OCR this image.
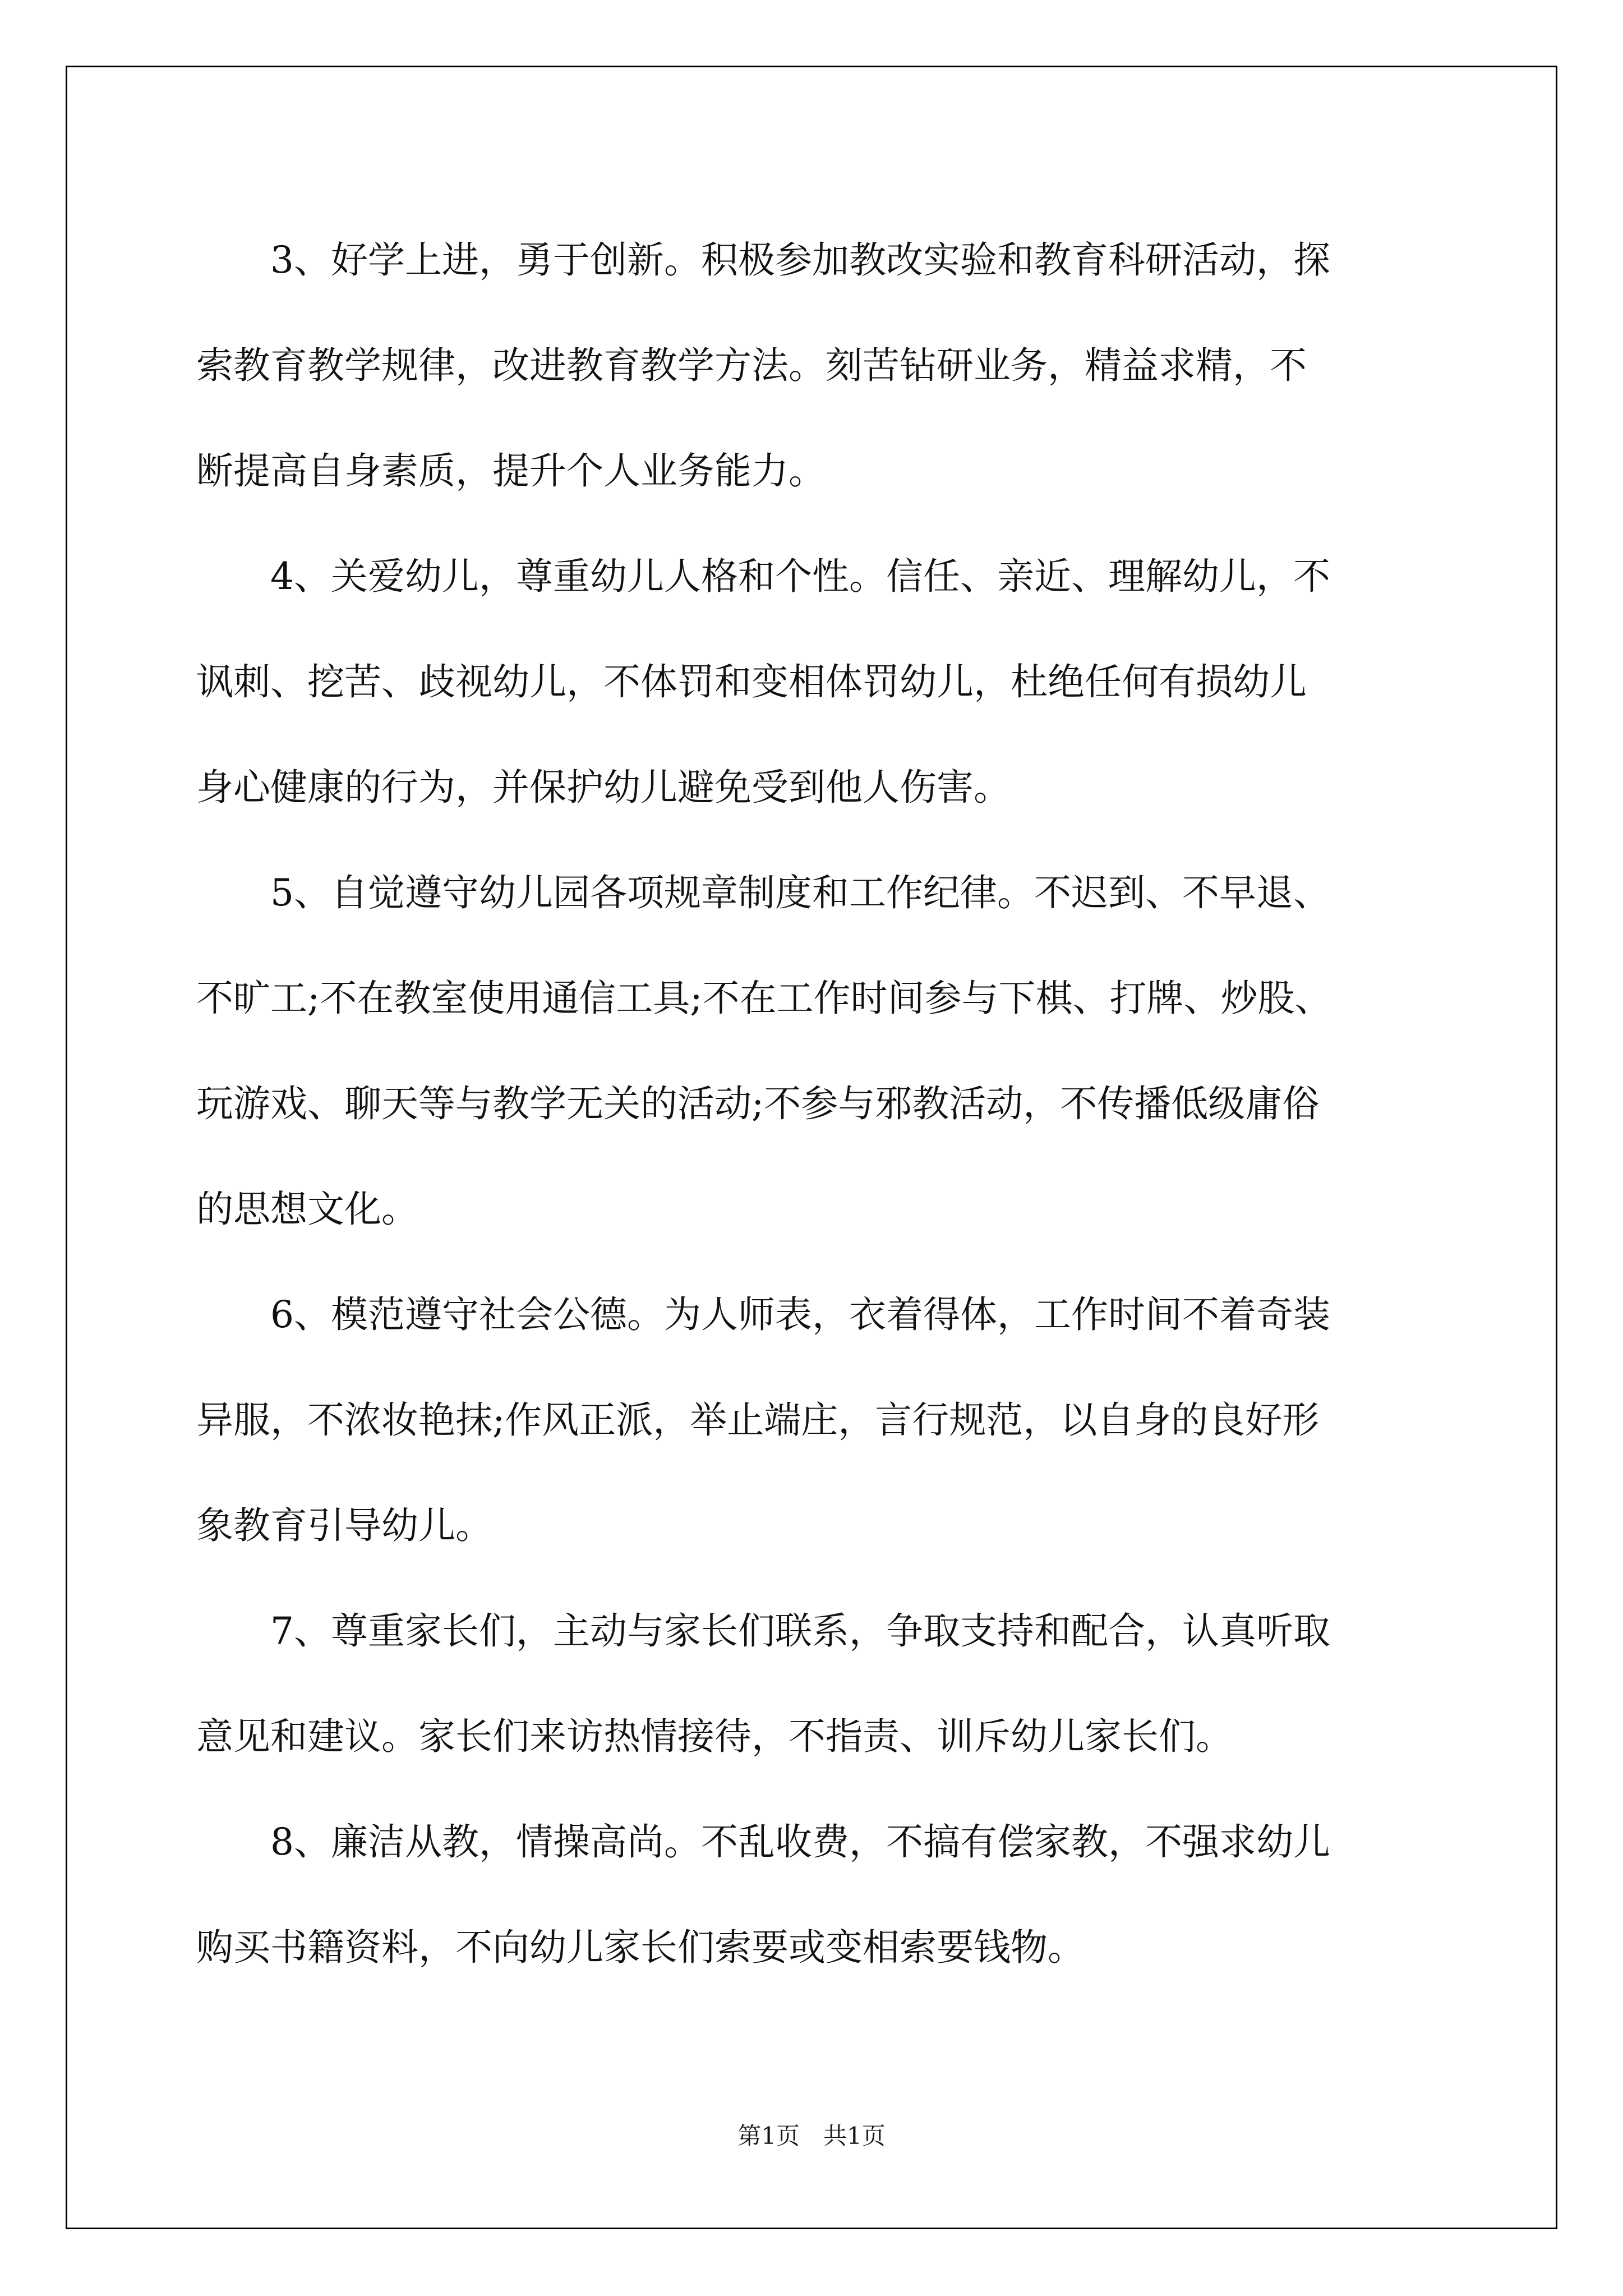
　　3、好学上进，勇于创新。积极参加教改实验和教育科研活动，探
索教育教学规律，改进教育教学方法。刻苦钻研业务，精益求精，不
断提高自身素质，提升个人业务能力。
　　4、关爱幼儿，尊重幼儿人格和个性。信任、亲近、理解幼儿，不
讽刺、挖苦、歧视幼儿，不体罚和变相体罚幼儿，杜绝任何有损幼儿
身心健康的行为，并保护幼儿避免受到他人伤害。
　　5、自觉遵守幼儿园各项规章制度和工作纪律。不迟到、不早退、
不旷工;不在教室使用通信工具;不在工作时间参与下棋、打牌、炒股、
玩游戏、聊天等与教学无关的活动;不参与邪教活动，不传播低级庸俗
的思想文化。
　　6、模范遵守社会公德。为人师表，衣着得体，工作时间不着奇装
异服，不浓妆艳抹;作风正派，举止端庄，言行规范，以自身的良好形
象教育引导幼儿。
　　7、尊重家长们，主动与家长们联系，争取支持和配合，认真听取
意见和建议。家长们来访热情接待，不指责、训斥幼儿家长们。
　　8、廉洁从教，情操高尚。不乱收费，不搞有偿家教，不强求幼儿
购买书籍资料，不向幼儿家长们索要或变相索要钱物。
第1页　共1页
